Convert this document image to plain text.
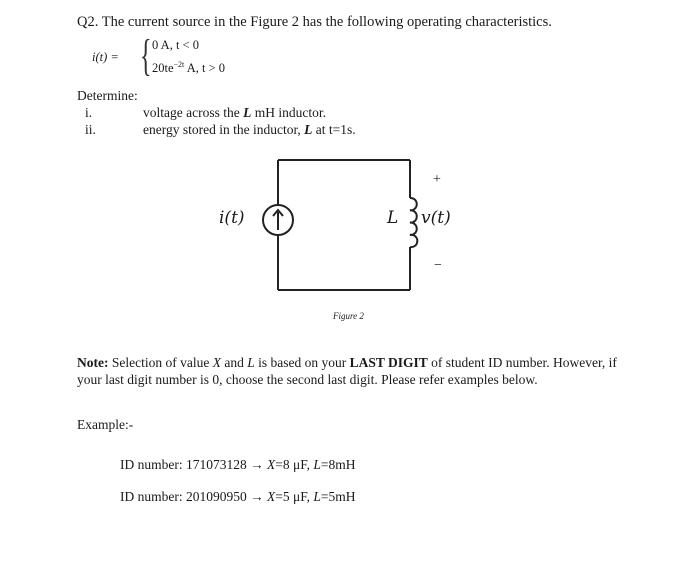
Q2. The current source in the Figure 2 has the following operating characteristics.
i(t) = { 0 A, t < 0
$20te^{-2t}$ A, t > 0
Determine:
i.	voltage across the L mH inductor.
ii.	energy stored in the inductor, L at t=1s.
i(t)	L v(t)
+
−
Figure 2
Note: Selection of value X and L is based on your LAST DIGIT of student ID number. However, if your last digit number is 0, choose the second last digit. Please refer examples below.
Example:-
ID number: 171073128 → X=8 μF, L=8mH
ID number: 201090950 → X=5 μF, L=5mH
